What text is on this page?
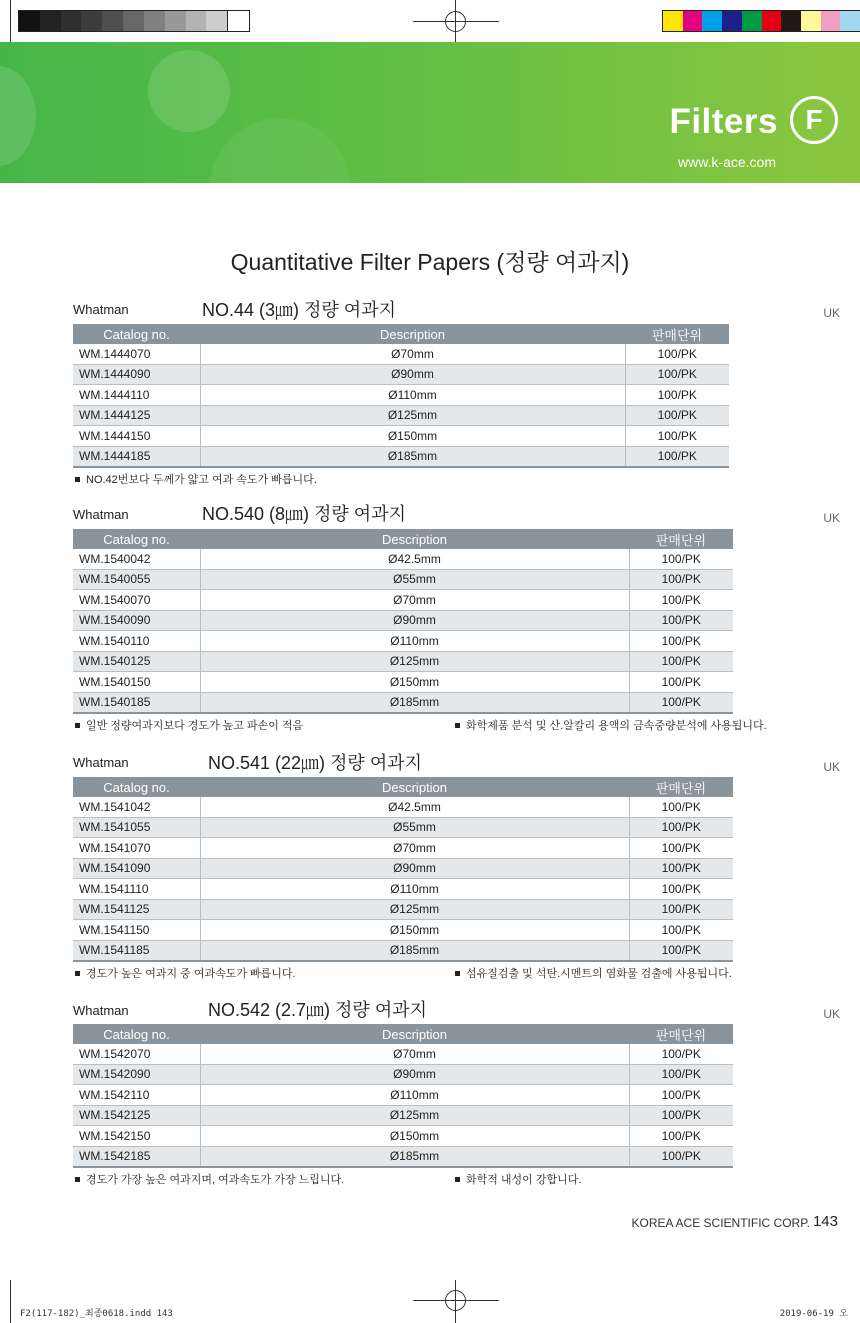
Filters F
www.k-ace.com
Quantitative Filter Papers (정량 여과지)
Whatman	NO.44 (3㎛) 정량 여과지	UK
Catalog no.	Description	판매단위
WM.1444070	Ø70mm	100/PK
WM.1444090	Ø90mm	100/PK
WM.1444110	Ø110mm	100/PK
WM.1444125	Ø125mm	100/PK
WM.1444150	Ø150mm	100/PK
WM.1444185	Ø185mm	100/PK
NO.42번보다 두께가 얇고 여과 속도가 빠릅니다.
Whatman	NO.540 (8㎛) 정량 여과지	UK
Catalog no.	Description	판매단위
WM.1540042	Ø42.5mm	100/PK
WM.1540055	Ø55mm	100/PK
WM.1540070	Ø70mm	100/PK
WM.1540090	Ø90mm	100/PK
WM.1540110	Ø110mm	100/PK
WM.1540125	Ø125mm	100/PK
WM.1540150	Ø150mm	100/PK
WM.1540185	Ø185mm	100/PK
일반 정량여과지보다 경도가 높고 파손이 적음	화학제품 분석 및 산.알칼리 용액의 금속중량분석에 사용됩니다.
Whatman	NO.541 (22㎛) 정량 여과지	UK
Catalog no.	Description	판매단위
WM.1541042	Ø42.5mm	100/PK
WM.1541055	Ø55mm	100/PK
WM.1541070	Ø70mm	100/PK
WM.1541090	Ø90mm	100/PK
WM.1541110	Ø110mm	100/PK
WM.1541125	Ø125mm	100/PK
WM.1541150	Ø150mm	100/PK
WM.1541185	Ø185mm	100/PK
경도가 높은 여과지 중 여과속도가 빠릅니다.	섬유질검출 및 석탄.시멘트의 염화물 검출에 사용됩니다.
Whatman	NO.542 (2.7㎛) 정량 여과지	UK
Catalog no.	Description	판매단위
WM.1542070	Ø70mm	100/PK
WM.1542090	Ø90mm	100/PK
WM.1542110	Ø110mm	100/PK
WM.1542125	Ø125mm	100/PK
WM.1542150	Ø150mm	100/PK
WM.1542185	Ø185mm	100/PK
경도가 가장 높은 여과지며, 여과속도가 가장 느립니다.	화학적 내성이 강합니다.
KOREA ACE SCIENTIFIC CORP. 143
F2(117-182)_최종0618.indd 143	2019-06-19 오
